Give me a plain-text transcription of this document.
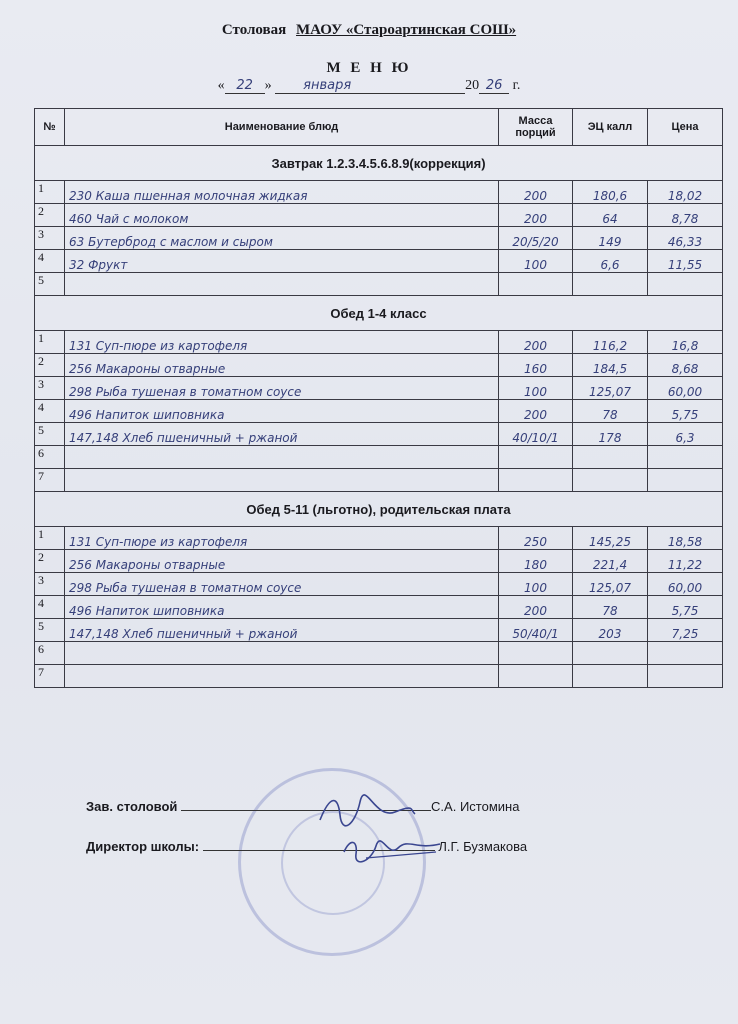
Столовая МАОУ «Староартинская СОШ»
М Е Н Ю
« 22 » января	20 26 г.
№	Наименование блюд	Масса порций	ЭЦ калл	Цена
Завтрак 1.2.3.4.5.6.8.9(коррекция)				
1	230 Каша пшенная молочная жидкая	200	180,6	18,02
2	460 Чай с молоком	200	64	8,78
3	63 Бутерброд с маслом и сыром	20/5/20	149	46,33
4	32 Фрукт	100	6,6	11,55
5				
Обед 1-4 класс				
1	131 Суп-пюре из картофеля	200	116,2	16,8
2	256 Макароны отварные	160	184,5	8,68
3	298 Рыба тушеная в томатном соусе	100	125,07	60,00
4	496 Напиток шиповника	200	78	5,75
5	147,148 Хлеб пшеничный + ржаной	40/10/1	178	6,3
6				
7				
Обед 5-11 (льготно), родительская плата				
1	131 Суп-пюре из картофеля	250	145,25	18,58
2	256 Макароны отварные	180	221,4	11,22
3	298 Рыба тушеная в томатном соусе	100	125,07	60,00
4	496 Напиток шиповника	200	78	5,75
5	147,148 Хлеб пшеничный + ржаной	50/40/1	203	7,25
6				
7				
Зав. столовой	С.А. Истомина
Директор школы:	Л.Г. Бузмакова
